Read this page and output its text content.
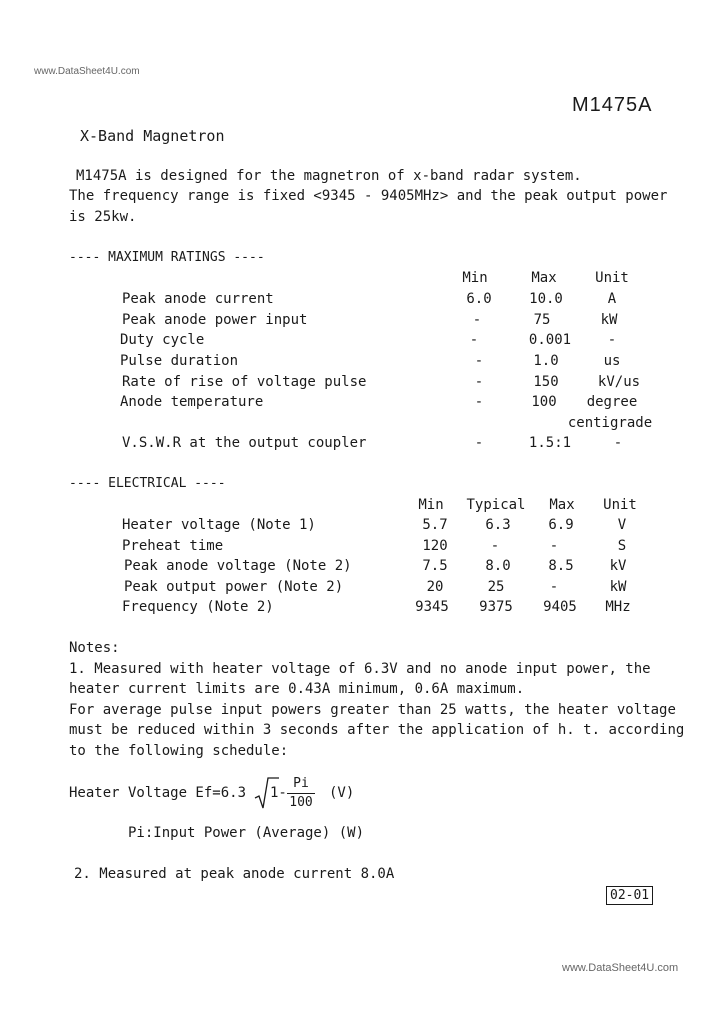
www.DataSheet4U.com
M1475A
X-Band Magnetron
M1475A is designed for the magnetron of x-band radar system.
The frequency range is fixed <9345 - 9405MHz> and the peak output power
is 25kw.
---- MAXIMUM RATINGS ----
Min	Max	Unit
Peak anode current	6.0	10.0	A
Peak anode power input	-	75	kW
Duty cycle	-	0.001	-
Pulse duration	-	1.0	us
Rate of rise of voltage pulse	-	150	kV/us
Anode temperature	-	100	degree
centigrade
V.S.W.R at the output coupler	-	1.5:1	-
---- ELECTRICAL ----
Min	Typical	Max	Unit
Heater voltage (Note 1)	5.7	6.3	6.9	V
Preheat time	120	-	-	S
Peak anode voltage (Note 2)	7.5	8.0	8.5	kV
Peak output power (Note 2)	20	25	-	kW
Frequency (Note 2)	9345	9375	9405	MHz
Notes:
1. Measured with heater voltage of 6.3V and no anode input power, the
heater current limits are 0.43A minimum, 0.6A maximum.
For average pulse input powers greater than 25 watts, the heater voltage
must be reduced within 3 seconds after the application of h. t. according
to the following schedule:
Heater Voltage Ef=6.3 1-
Pi
100
(V)
Pi:Input Power (Average) (W)
2. Measured at peak anode current 8.0A
02-01
www.DataSheet4U.com
